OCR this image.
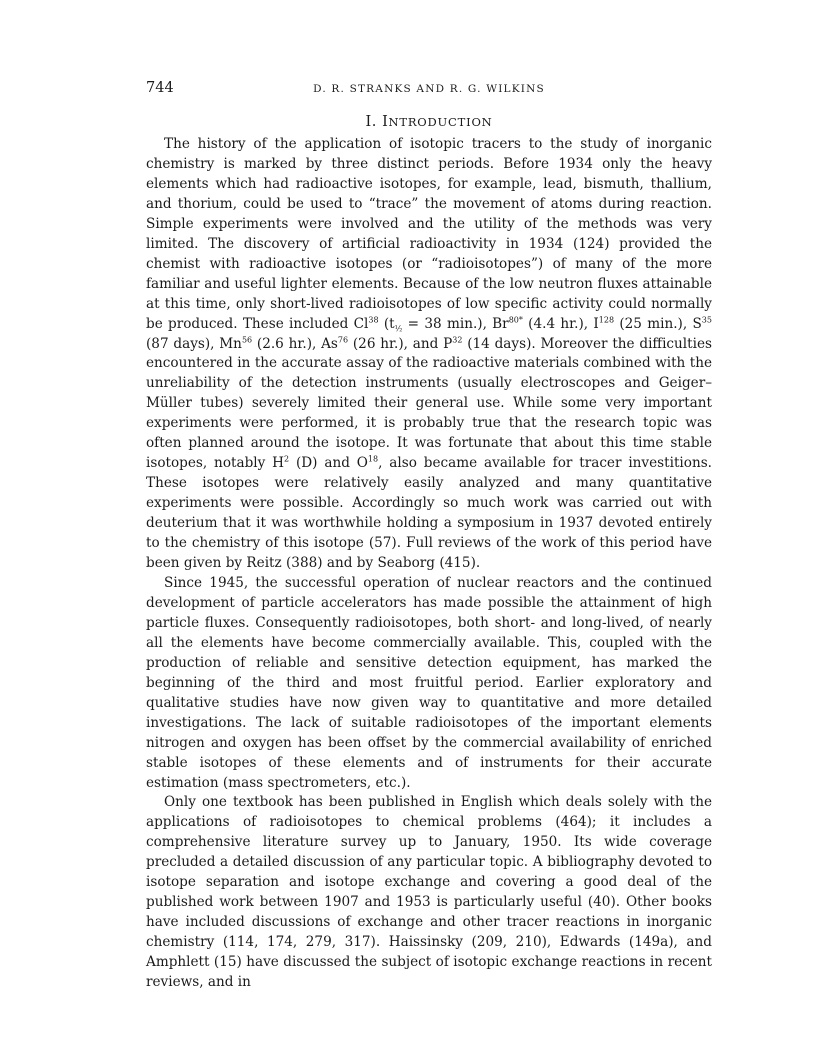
744	D. R. STRANKS AND R. G. WILKINS
I. INTRODUCTION

The history of the application of isotopic tracers to the study of inorganic chemistry is marked by three distinct periods. Before 1934 only the heavy elements which had radioactive isotopes, for example, lead, bismuth, thallium, and thorium, could be used to “trace” the movement of atoms during reaction. Simple experiments were involved and the utility of the methods was very limited. The discovery of artificial radioactivity in 1934 (124) provided the chemist with radioactive isotopes (or “radioisotopes”) of many of the more familiar and useful lighter elements. Because of the low neutron fluxes attainable at this time, only short-lived radioisotopes of low specific activity could normally be produced. These included Cl$^{38}$ ($t_{\frac{1}{2}} = 38$ min.), $Br^{80*}$ (4.4 hr.), $I^{128}$ (25 min.), $S^{35}$ (87 days), Mn$^{56}$ (2.6 hr.), As$^{76}$ (26 hr.), and $P^{32}$ (14 days). Moreover the difficulties encountered in the accurate assay of the radioactive materials combined with the unreliability of the detection instruments (usually electroscopes and Geiger–Müller tubes) severely limited their general use. While some very important experiments were performed, it is probably true that the research topic was often planned around the isotope. It was fortunate that about this time stable isotopes, notably $H^2$ (D) and $O^{18}$, also became available for tracer investitions. These isotopes were relatively easily analyzed and many quantitative experiments were possible. Accordingly so much work was carried out with deuterium that it was worthwhile holding a symposium in 1937 devoted entirely to the chemistry of this isotope (57). Full reviews of the work of this period have been given by Reitz (388) and by Seaborg (415).

Since 1945, the successful operation of nuclear reactors and the continued development of particle accelerators has made possible the attainment of high particle fluxes. Consequently radioisotopes, both short- and long-lived, of nearly all the elements have become commercially available. This, coupled with the production of reliable and sensitive detection equipment, has marked the beginning of the third and most fruitful period. Earlier exploratory and qualitative studies have now given way to quantitative and more detailed investigations. The lack of suitable radioisotopes of the important elements nitrogen and oxygen has been offset by the commercial availability of enriched stable isotopes of these elements and of instruments for their accurate estimation (mass spectrometers, etc.).

Only one textbook has been published in English which deals solely with the applications of radioisotopes to chemical problems (464); it includes a comprehensive literature survey up to January, 1950. Its wide coverage precluded a detailed discussion of any particular topic. A bibliography devoted to isotope separation and isotope exchange and covering a good deal of the published work between 1907 and 1953 is particularly useful (40). Other books have included discussions of exchange and other tracer reactions in inorganic chemistry (114, 174, 279, 317). Haissinsky (209, 210), Edwards (149a), and Amphlett (15) have discussed the subject of isotopic exchange reactions in recent reviews, and in
